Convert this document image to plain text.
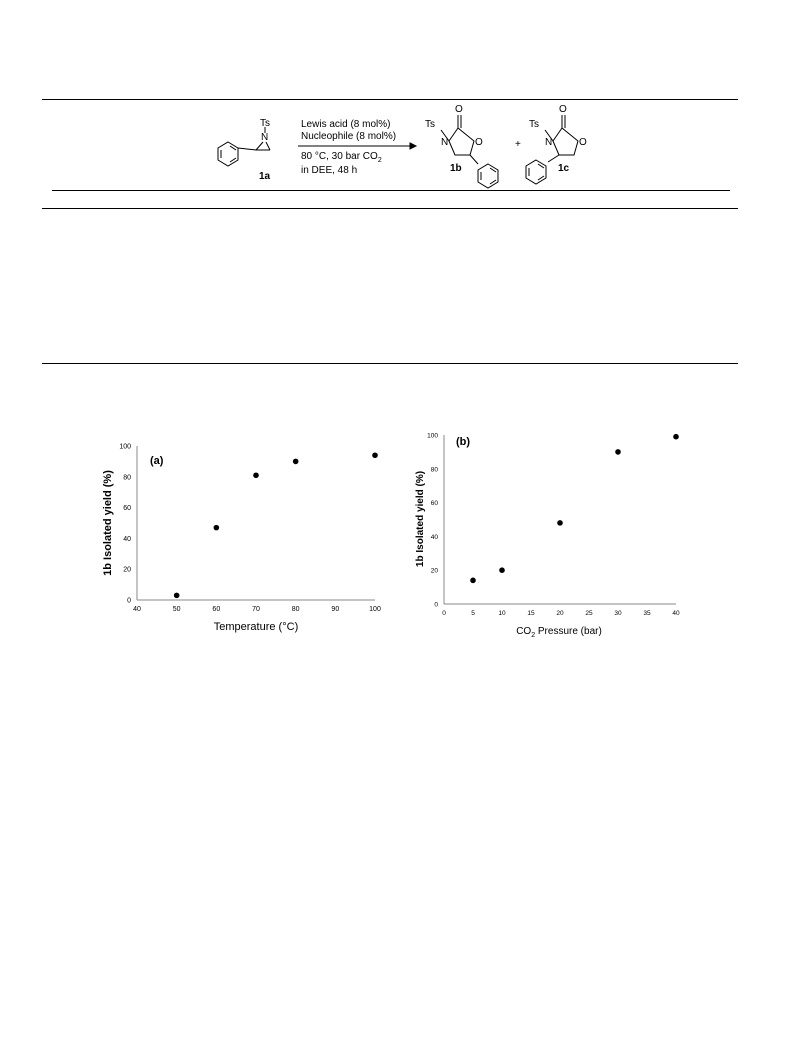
Ts
N
1a
Lewis acid (8 mol%)
Nucleophile (8 mol%)
80 °C, 30 bar $CO_2$
in DEE, 48 h
O
Ts
N	O
1b
+
O
Ts
N	O
1c
0
20
40
60
80
100
40	50	60	70	80	90	100
(a)
Temperature (°C)
1b Isolated yield (%)
0
20
40
60
80
100
0	5	10	15	20	25	30	35	40
(b)
$CO_2$ Pressure (bar)
1b Isolated yield (%)
